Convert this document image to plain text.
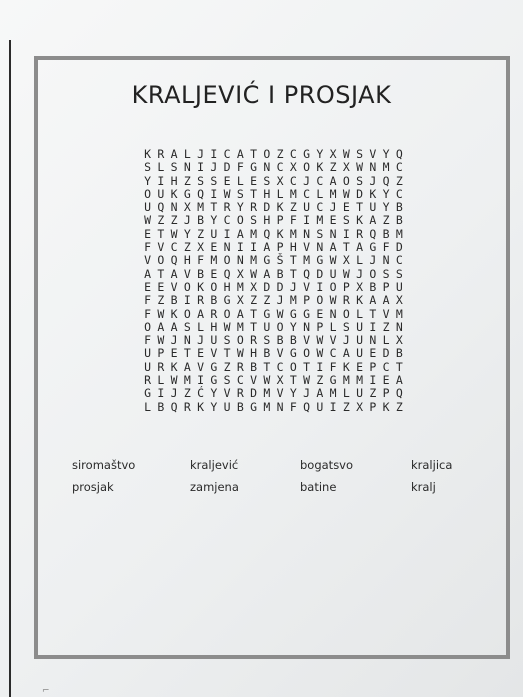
KRALJEVIĆ I PROSJAK
K R A L J I C A T O Z C G Y X W S V Y Q
S L S N I J D F G N C X O K Z X W N M C
Y I H Z S S E L E S X C J C A O S J Q Z
O U K G Q I W S T H L M C L M W D K Y C
U Q N X M T R Y R D K Z U C J E T U Y B
W Z Z J B Y C O S H P F I M E S K A Z B
E T W Y Z U I A M Q K M N S N I R Q B M
F V C Z X E N I I A P H V N A T A G F D
V O Q H F M O N M G Š T M G W X L J N C
A T A V B E Q X W A B T Q D U W J O S S
E E V O K O H M X D D J V I O P X B P U
F Z B I R B G X Z Z J M P O W R K A A X
F W K O A R O A T G W G G E N O L T V M
O A A S L H W M T U O Y N P L S U I Z N
F W J N J U S O R S B B V W V J U N L X
U P E T E V T W H B V G O W C A U E D B
U R K A V G Z R B T C O T I F K E P C T
R L W M I G S C V W X T W Z G M M I E A
G I J Z Ć Y V R D M V Y J A M L U Z P Q
L B Q R K Y U B G M N F Q U I Z X P K Z
siromaštvo	kraljević	bogatsvo	kraljica
prosjak	zamjena	batine	kralj
⌐
